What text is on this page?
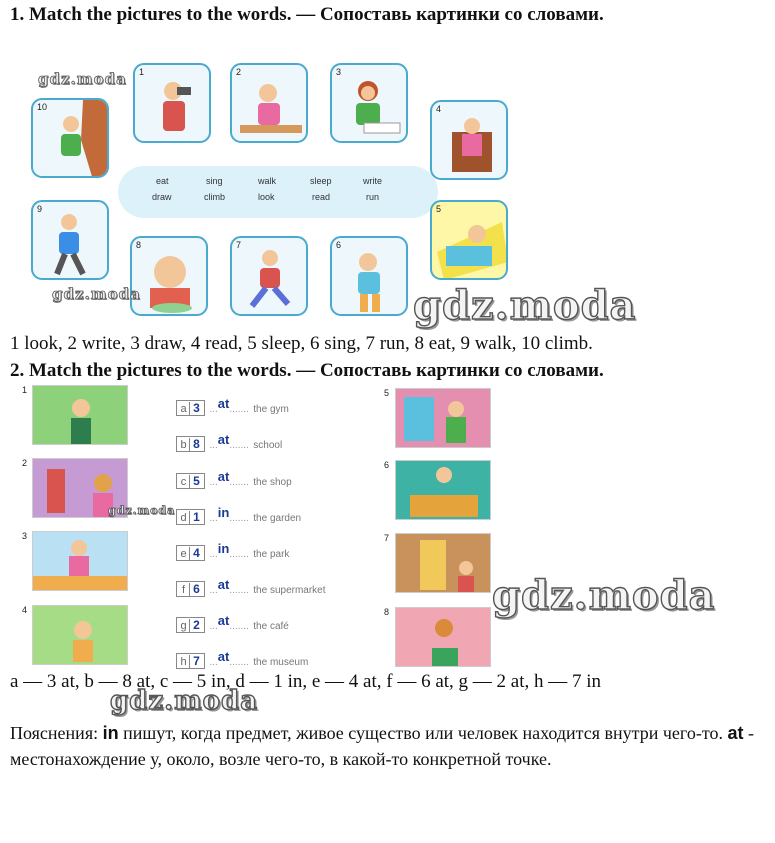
1. Match the pictures to the words. — Сопоставь картинки со словами.
eat	sing	walk	sleep	write
draw	climb	look	read	run
1	2	3
4
5
6
7
8
9
10
1 look, 2 write, 3 draw, 4 read, 5 sleep, 6 sing, 7 run, 8 eat, 9 walk, 10 climb.
2. Match the pictures to the words. — Сопоставь картинки со словами.
1
2
3
4
a 3 ...$^{at}$....... the gym
b 8 ...$^{at}$....... school
c 5 ...$^{at}$....... the shop
d 1 ...$^{in}$....... the garden
e 4 ...$^{in}$....... the park
f 6 ...$^{at}$....... the supermarket
g 2 ...$^{at}$....... the café
h 7 ...$^{at}$....... the museum
5
6
7
8
a — 3 at, b — 8 at, c — 5 in, d — 1 in, e — 4 at, f — 6 at, g — 2 at, h — 7 in
Пояснения: in пишут, когда предмет, живое существо или человек находится внутри чего-то. at - местонахождение у, около, возле чего-то, в какой-то конкретной точке.
gdz.moda
gdz.moda	gdz.moda
gdz.moda
gdz.moda
gdz.moda
